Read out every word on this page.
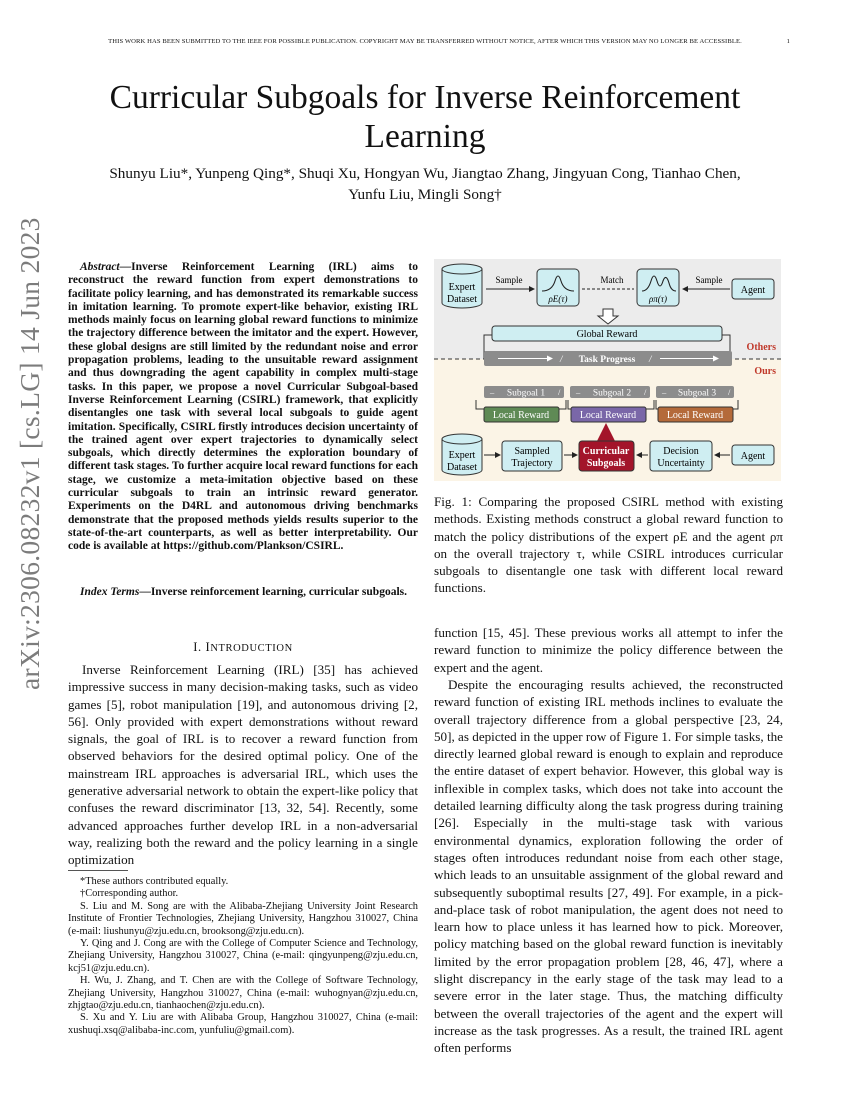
THIS WORK HAS BEEN SUBMITTED TO THE IEEE FOR POSSIBLE PUBLICATION. COPYRIGHT MAY BE TRANSFERRED WITHOUT NOTICE, AFTER WHICH THIS VERSION MAY NO LONGER BE ACCESSIBLE.	1
arXiv:2306.08232v1 [cs.LG] 14 Jun 2023
Curricular Subgoals for Inverse Reinforcement Learning
Shunyu Liu*, Yunpeng Qing*, Shuqi Xu, Hongyan Wu, Jiangtao Zhang, Jingyuan Cong, Tianhao Chen,
Yunfu Liu, Mingli Song†
Abstract—Inverse Reinforcement Learning (IRL) aims to reconstruct the reward function from expert demonstrations to facilitate policy learning, and has demonstrated its remarkable success in imitation learning. To promote expert-like behavior, existing IRL methods mainly focus on learning global reward functions to minimize the trajectory difference between the imitator and the expert. However, these global designs are still limited by the redundant noise and error propagation problems, leading to the unsuitable reward assignment and thus downgrading the agent capability in complex multi-stage tasks. In this paper, we propose a novel Curricular Subgoal-based Inverse Reinforcement Learning (CSIRL) framework, that explicitly disentangles one task with several local subgoals to guide agent imitation. Specifically, CSIRL firstly introduces decision uncertainty of the trained agent over expert trajectories to dynamically select subgoals, which directly determines the exploration boundary of different task stages. To further acquire local reward functions for each stage, we customize a meta-imitation objective based on these curricular subgoals to train an intrinsic reward generator. Experiments on the D4RL and autonomous driving benchmarks demonstrate that the proposed methods yields results superior to the state-of-the-art counterparts, as well as better interpretability. Our code is available at https://github.com/Plankson/CSIRL.
Index Terms—Inverse reinforcement learning, curricular subgoals.
I. INTRODUCTION
Inverse Reinforcement Learning (IRL) [35] has achieved impressive success in many decision-making tasks, such as video games [5], robot manipulation [19], and autonomous driving [2, 56]. Only provided with expert demonstrations without reward signals, the goal of IRL is to recover a reward function from observed behaviors for the desired optimal policy. One of the mainstream IRL approaches is adversarial IRL, which uses the generative adversarial network to obtain the expert-like policy that confuses the reward discriminator [13, 32, 54]. Recently, some advanced approaches further develop IRL in a non-adversarial way, realizing both the reward and the policy learning in a single optimization

*These authors contributed equally.

†Corresponding author.

S. Liu and M. Song are with the Alibaba-Zhejiang University Joint Research Institute of Frontier Technologies, Zhejiang University, Hangzhou 310027, China (e-mail: liushunyu@zju.edu.cn, brooksong@zju.edu.cn).

Y. Qing and J. Cong are with the College of Computer Science and Technology, Zhejiang University, Hangzhou 310027, China (e-mail: qingyunpeng@zju.edu.cn, kcj51@zju.edu.cn).

H. Wu, J. Zhang, and T. Chen are with the College of Software Technology, Zhejiang University, Hangzhou 310027, China (e-mail: wuhognyan@zju.edu.cn, zhjgtao@zju.edu.cn, tianhaochen@zju.edu.cn).

S. Xu and Y. Liu are with Alibaba Group, Hangzhou 310027, China (e-mail: xushuqi.xsq@alibaba-inc.com, yunfuliu@gmail.com).

Expert
Dataset
Sample
ρE(τ)
Match
ρπ(τ)
Sample
Agent
Global Reward
Others
/ Task Progress /
Ours
– Subgoal 1 / – Subgoal 2 / – Subgoal 3 /
Local Reward	Local Reward	Local Reward
Expert
Dataset
Sampled
Trajectory
Curricular
Subgoals
Decision
Uncertainty
Agent
Fig. 1: Comparing the proposed CSIRL method with existing methods. Existing methods construct a global reward function to match the policy distributions of the expert ρE and the agent ρπ on the overall trajectory τ, while CSIRL introduces curricular subgoals to disentangle one task with different local reward functions.
function [15, 45]. These previous works all attempt to infer the reward function to minimize the policy difference between the expert and the agent.
Despite the encouraging results achieved, the reconstructed reward function of existing IRL methods inclines to evaluate the overall trajectory difference from a global perspective [23, 24, 50], as depicted in the upper row of Figure 1. For simple tasks, the directly learned global reward is enough to explain and reproduce the entire dataset of expert behavior. However, this global way is inflexible in complex tasks, which does not take into account the detailed learning difficulty along the task progress during training [26]. Especially in the multi-stage task with various environmental dynamics, exploration following the order of stages often introduces redundant noise from each other stage, which leads to an unsuitable assignment of the global reward and subsequently suboptimal results [27, 49]. For example, in a pick-and-place task of robot manipulation, the agent does not need to learn how to place unless it has learned how to pick. Moreover, policy matching based on the global reward function is inevitably limited by the error propagation problem [28, 46, 47], where a slight discrepancy in the early stage of the task may lead to a severe error in the later stage. Thus, the matching difficulty between the overall trajectories of the agent and the expert will increase as the task progresses. As a result, the trained IRL agent often performs
